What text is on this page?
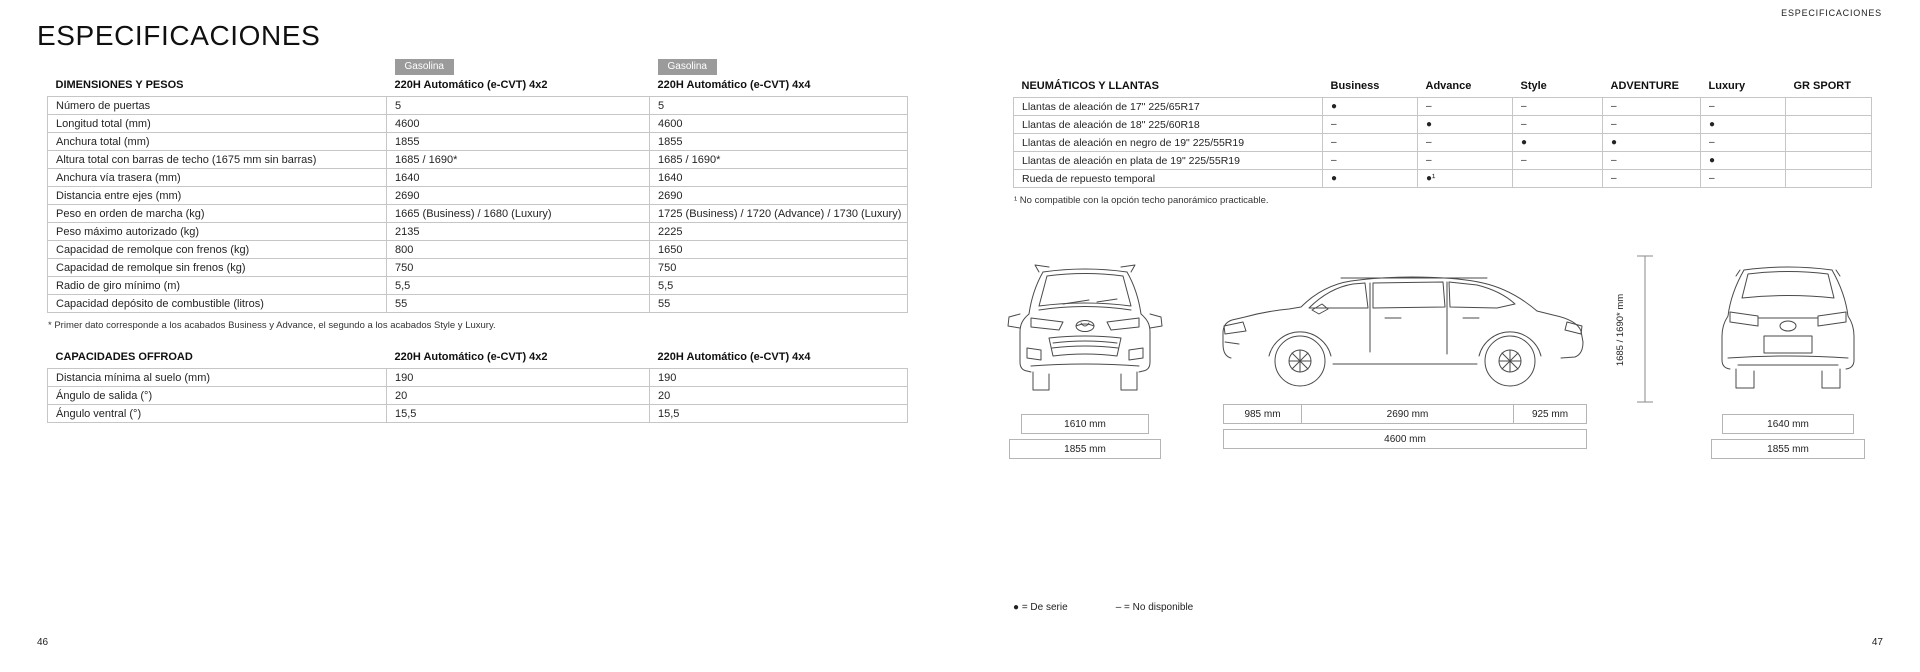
ESPECIFICACIONES
ESPECIFICACIONES
	Gasolina	Gasolina
DIMENSIONES Y PESOS	220H Automático (e-CVT) 4x2	220H Automático (e-CVT) 4x4
Número de puertas	5	5
Longitud total (mm)	4600	4600
Anchura total (mm)	1855	1855
Altura total con barras de techo (1675 mm sin barras)	1685 / 1690*	1685 / 1690*
Anchura vía trasera (mm)	1640	1640
Distancia entre ejes (mm)	2690	2690
Peso en orden de marcha (kg)	1665 (Business) / 1680 (Luxury)	1725 (Business) / 1720 (Advance) / 1730 (Luxury)
Peso máximo autorizado (kg)	2135	2225
Capacidad de remolque con frenos (kg)	800	1650
Capacidad de remolque sin frenos (kg)	750	750
Radio de giro mínimo (m)	5,5	5,5
Capacidad depósito de combustible (litros)	55	55
* Primer dato corresponde a los acabados Business y Advance, el segundo a los acabados Style y Luxury.
CAPACIDADES OFFROAD	220H Automático (e-CVT) 4x2	220H Automático (e-CVT) 4x4
Distancia mínima al suelo (mm)	190	190
Ángulo de salida (°)	20	20
Ángulo ventral (°)	15,5	15,5
NEUMÁTICOS Y LLANTAS	Business	Advance	Style	ADVENTURE	Luxury	GR SPORT
Llantas de aleación de 17" 225/65R17	●	–	–	–	–	
Llantas de aleación de 18" 225/60R18	–	●	–	–	●	
Llantas de aleación en negro de 19" 225/55R19	–	–	●	●	–	
Llantas de aleación en plata de 19" 225/55R19	–	–	–	–	●	
Rueda de repuesto temporal	●	●¹		–	–	
¹ No compatible con la opción techo panorámico practicable.
1610 mm
1855 mm
985 mm	2690 mm	925 mm
4600 mm
1685 / 1690* mm
1640 mm
1855 mm
● = De serie	– = No disponible
46	47
